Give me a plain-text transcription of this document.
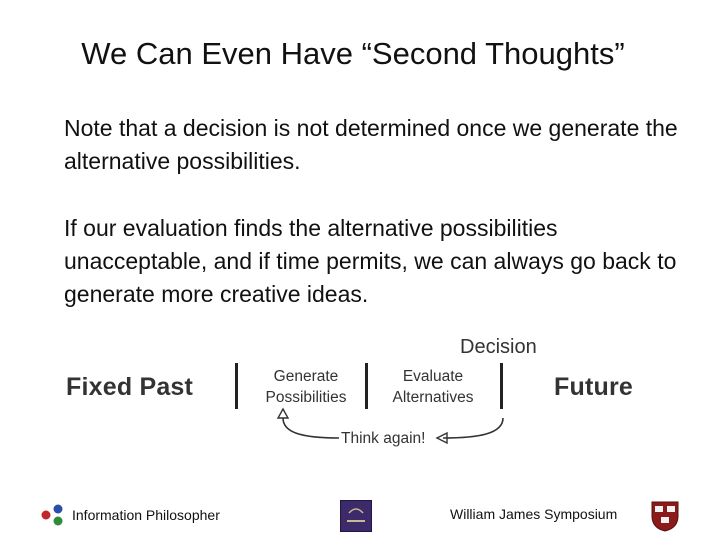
We Can Even Have “Second Thoughts”

Note that a decision is not determined once we generate the alternative possibilities.

If our evaluation finds the alternative possibilities unacceptable, and if time permits, we can always go back to generate more creative ideas.

Fixed Past	Generate
Possibilities
Evaluate
Alternatives
Decision
Future
Think again!
Information Philosopher	William James Symposium
